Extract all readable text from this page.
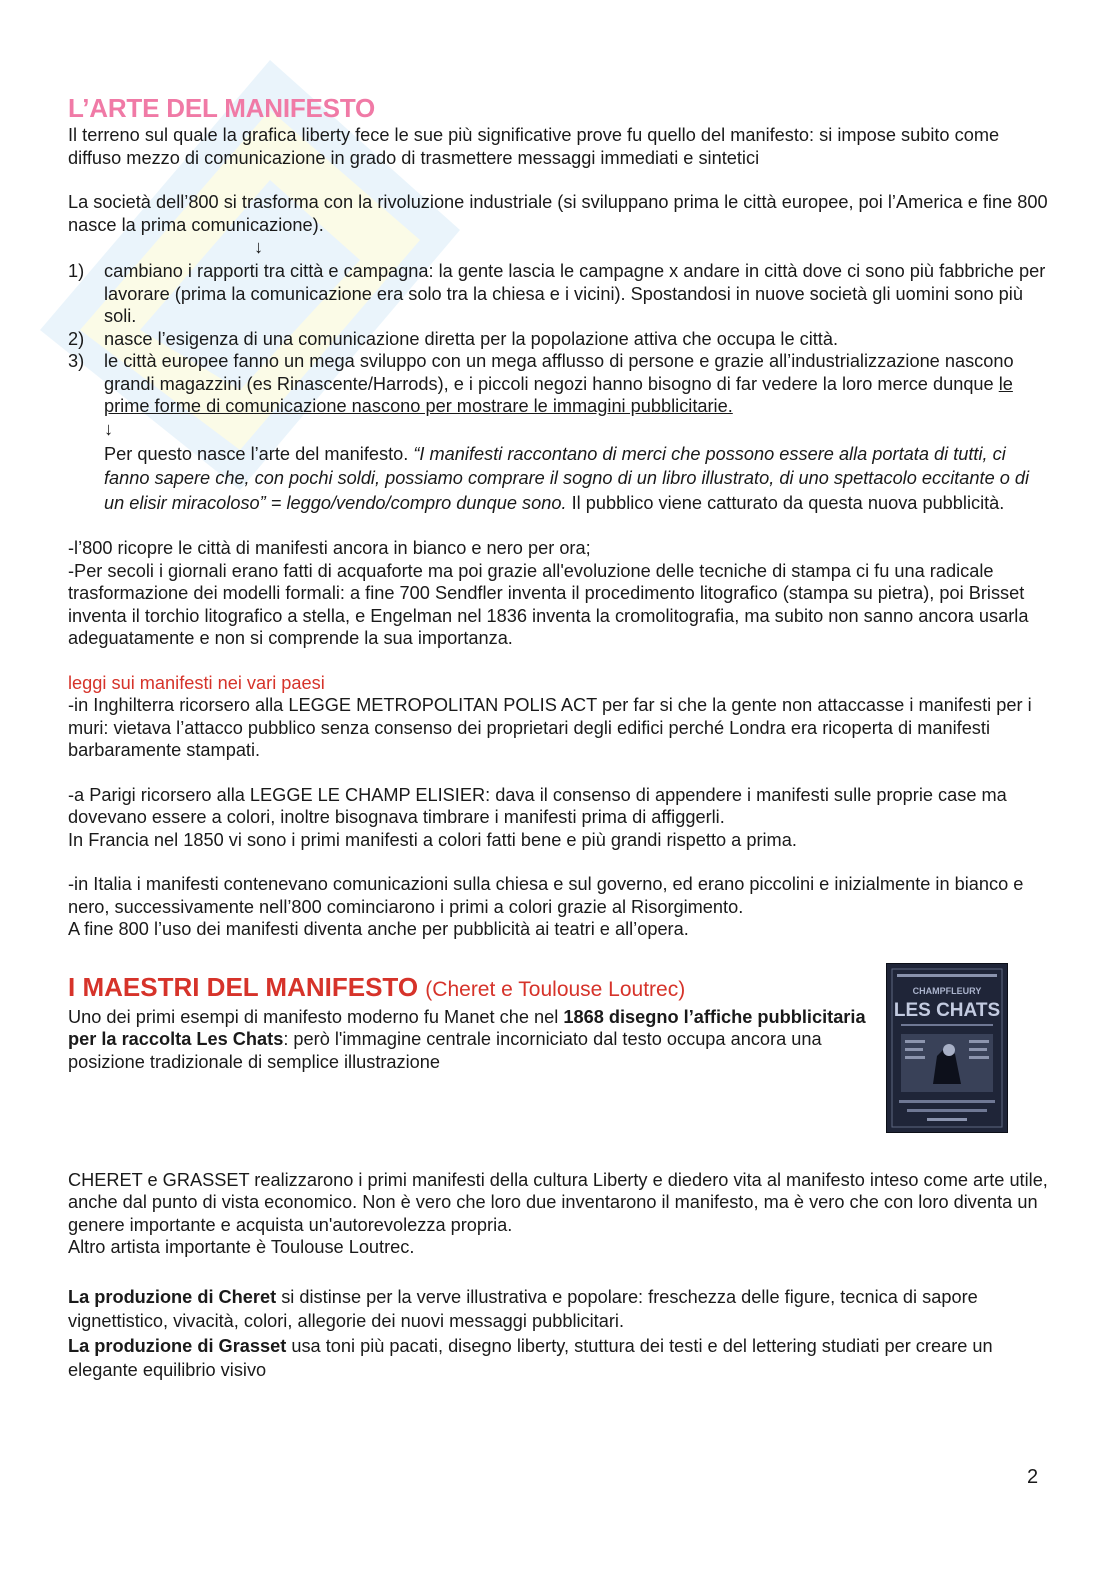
L’ARTE DEL MANIFESTO

Il terreno sul quale la grafica liberty fece le sue più significative prove fu quello del manifesto: si impose subito come diffuso mezzo di comunicazione in grado di trasmettere messaggi immediati e sintetici

La società dell’800 si trasforma con la rivoluzione industriale (si sviluppano prima le città europee, poi l’America e fine 800 nasce la prima comunicazione).

↓
1) cambiano i rapporti tra città e campagna: la gente lascia le campagne x andare in città dove ci sono più fabbriche per lavorare (prima la comunicazione era solo tra la chiesa e i vicini). Spostandosi in nuove società gli uomini sono più soli.
2) nasce l’esigenza di una comunicazione diretta per la popolazione attiva che occupa le città.
3) le città europee fanno un mega sviluppo con un mega afflusso di persone e grazie all’industrializzazione nascono grandi magazzini (es Rinascente/Harrods), e i piccoli negozi hanno bisogno di far vedere la loro merce dunque le prime forme di comunicazione nascono per mostrare le immagini pubblicitarie.
↓

Per questo nasce l’arte del manifesto. “I manifesti raccontano di merci che possono essere alla portata di tutti, ci fanno sapere che, con pochi soldi, possiamo comprare il sogno di un libro illustrato, di uno spettacolo eccitante o di un elisir miracoloso” = leggo/vendo/compro dunque sono. Il pubblico viene catturato da questa nuova pubblicità.

-l’800 ricopre le città di manifesti ancora in bianco e nero per ora;

-Per secoli i giornali erano fatti di acquaforte ma poi grazie all'evoluzione delle tecniche di stampa ci fu una radicale trasformazione dei modelli formali: a fine 700 Sendfler inventa il procedimento litografico (stampa su pietra), poi Brisset inventa il torchio litografico a stella, e Engelman nel 1836 inventa la cromolitografia, ma subito non sanno ancora usarla adeguatamente e non si comprende la sua importanza.

leggi sui manifesti nei vari paesi

-in Inghilterra ricorsero alla LEGGE METROPOLITAN POLIS ACT per far si che la gente non attaccasse i manifesti per i muri: vietava l’attacco pubblico senza consenso dei proprietari degli edifici perché Londra era ricoperta di manifesti barbaramente stampati.

-a Parigi ricorsero alla LEGGE LE CHAMP ELISIER: dava il consenso di appendere i manifesti sulle proprie case ma dovevano essere a colori, inoltre bisognava timbrare i manifesti prima di affiggerli.

In Francia nel 1850 vi sono i primi manifesti a colori fatti bene e più grandi rispetto a prima.

-in Italia i manifesti contenevano comunicazioni sulla chiesa e sul governo, ed erano piccolini e inizialmente in bianco e nero, successivamente nell’800 cominciarono i primi a colori grazie al Risorgimento.

A fine 800 l’uso dei manifesti diventa anche per pubblicità ai teatri e all’opera.

I MAESTRI DEL MANIFESTO (Cheret e Toulouse Loutrec)

Uno dei primi esempi di manifesto moderno fu Manet che nel 1868 disegno l’affiche pubblicitaria per la raccolta Les Chats: però l'immagine centrale incorniciato dal testo occupa ancora una posizione tradizionale di semplice illustrazione

CHAMPFLEURY
LES CHATS

CHERET e GRASSET realizzarono i primi manifesti della cultura Liberty e diedero vita al manifesto inteso come arte utile, anche dal punto di vista economico. Non è vero che loro due inventarono il manifesto, ma è vero che con loro diventa un genere importante e acquista un'autorevolezza propria.

Altro artista importante è Toulouse Loutrec.

La produzione di Cheret si distinse per la verve illustrativa e popolare: freschezza delle figure, tecnica di sapore vignettistico, vivacità, colori, allegorie dei nuovi messaggi pubblicitari.

La produzione di Grasset usa toni più pacati, disegno liberty, stuttura dei testi e del lettering studiati per creare un elegante equilibrio visivo

2
